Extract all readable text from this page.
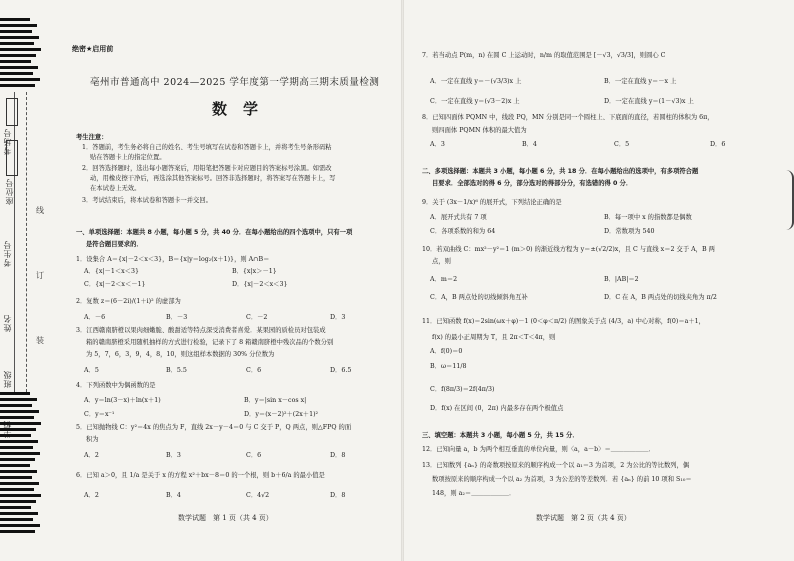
考场号
座位号
考生号
姓名
班级
学校
线
订
装
绝密★启用前
亳州市普通高中 2024—2025 学年度第一学期高三期末质量检测
数学
考生注意：
1．答题前，考生务必将自己的姓名、考生号填写在试卷和答题卡上，并将考生号条形码粘
贴在答题卡上的指定位置。
2．回答选择题时，选出每小题答案后，用铅笔把答题卡对应题目的答案标号涂黑。如需改
动，用橡皮擦干净后，再选涂其他答案标号。回答非选择题时，将答案写在答题卡上，写
在本试卷上无效。
3．考试结束后，将本试卷和答题卡一并交回。
一、单项选择题：本题共 8 小题，每小题 5 分，共 40 分．在每小题给出的四个选项中，只有一项
是符合题目要求的．
1．设集合 A＝{x|－2＜x＜3}，B＝{x|y＝log₂(x＋1)}，则 A∩B＝
A．{x|－1＜x＜3}	B．{x|x＞－1}
C．{x|－2＜x＜－1}	D．{x|－2＜x＜3}
2．复数 z＝(6－2i)/(1＋i)² 的虚部为
A．－6	B．－3	C．－2	D．3
3．江西赣南脐橙以果肉细嫩脆、酸甜适等特点深受消费者喜爱．某果园的质检员对包装成
箱的赣南脐橙采用随机抽样的方式进行检验，记录下了 8 箱赣南脐橙中残次品的个数分别
为 5，7，6，3，9，4，8，10，则这组样本数据的 30% 分位数为
A．5	B．5.5	C．6	D．6.5
4．下列函数中为偶函数的是
A．y＝ln(3－x)＋ln(x＋1)	B．y＝|sin x－cos x|
C．y＝x⁻¹	D．y＝(x－2)²＋(2x＋1)²
5．已知抛物线 C：y²＝4x 的焦点为 F，直线 2x－y－4＝0 与 C 交于 P，Q 两点，则△FPQ 的面
积为
A．2	B．3	C．6	D．8
6．已知 a＞0，且 1/a 是关于 x 的方程 x²＋bx－8＝0 的一个根，则 b＋6/a 的最小值是
A．2	B．4	C．4√2	D．8
数学试题　第 1 页（共 4 页）
7．若当动点 P(m，n) 在圆 C 上运动时，n/m 的取值范围是 [－√3，√3/3]，则圆心 C
A．一定在直线 y＝－(√3/3)x 上	B．一定在直线 y＝－x 上
C．一定在直线 y＝(√3－2)x 上	D．一定在直线 y＝(1－√3)x 上
8．已知四面体 PQMN 中，线段 PQ，MN 分别是同一个圆柱上、下底面的直径，若圆柱的体积为 6π，
则四面体 PQMN 体积的最大值为
A．3	B．4	C．5	D．6
二、多项选择题：本题共 3 小题，每小题 6 分，共 18 分．在每小题给出的选项中，有多项符合题
目要求．全部选对的得 6 分，部分选对的得部分分，有选错的得 0 分．
9．关于 (3x－1/x)⁶ 的展开式，下列结论正确的是
A．展开式共有 7 项	B．每一项中 x 的指数都是偶数
C．各项系数的和为 64	D．常数项为 540
10．若双曲线 C：mx²－y²＝1 (m＞0) 的渐近线方程为 y＝±(√2/2)x，且 C 与直线 x＝2 交于 A，B 两
点，则
A．m＝2	B．|AB|＝2
C．A，B 两点处的切线倾斜角互补	D．C 在 A，B 两点处的切线夹角为 π/2
11．已知函数 f(x)＝2sin(ωx＋φ)－1 (0＜φ＜π/2) 的图象关于点 (4/3，a) 中心对称，f(0)＝a＋1，
f(x) 的最小正周期为 T，且 2π＜T＜4π，则
A．f(0)＝0
B．ω＝11/8
C．f(8π/3)＝2f(4π/3)
D．f(x) 在区间 (0，2π) 内最多存在两个极值点
三、填空题：本题共 3 小题，每小题 5 分，共 15 分．
12．已知向量 a，b 为两个相互垂直的单位向量，则〈a，a－b〉＝＿＿＿＿＿＿．
13．已知数列 {aₙ} 的奇数项按原来的顺序构成一个以 a₁＝3 为首项，2 为公比的等比数列，偶
数项按原来的顺序构成一个以 a₂ 为首项，3 为公差的等差数列．若 {aₙ} 的前 10 项和 S₁₀＝
148，则 a₂＝＿＿＿＿＿＿．
数学试题　第 2 页（共 4 页）
